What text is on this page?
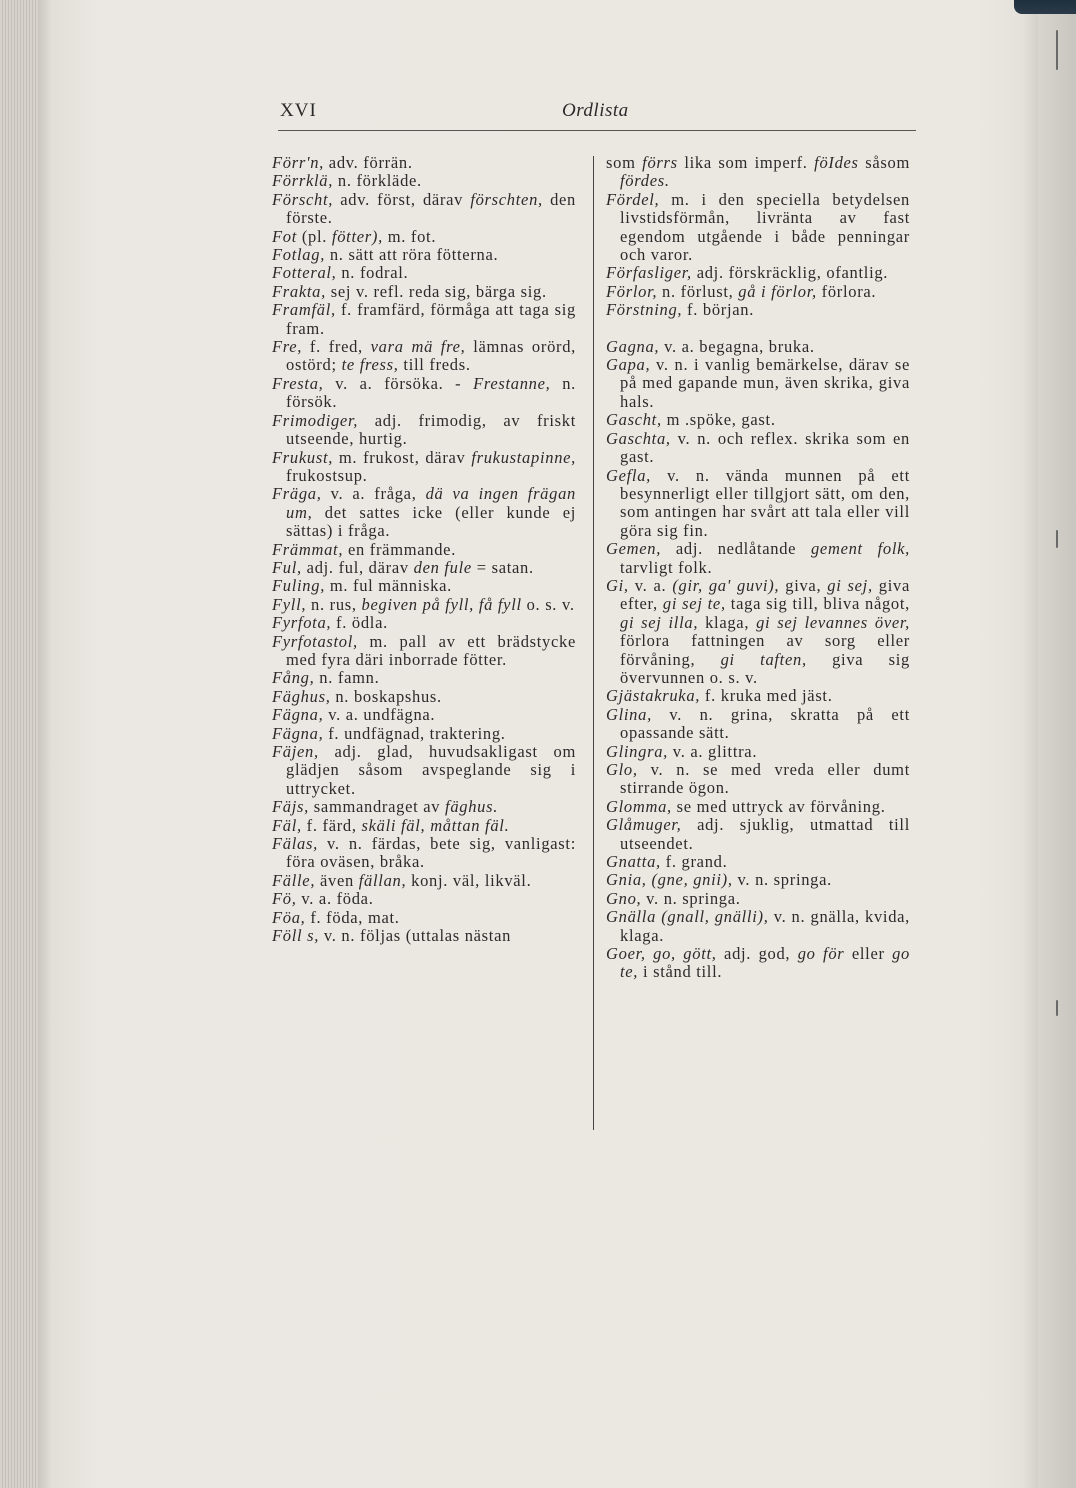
XVI	Ordlista

Förr'n, adv. förrän.

Förrklä, n. förkläde.

Förscht, adv. först, därav förschten, den förste.

Fot (pl. fötter), m. fot.

Fotlag, n. sätt att röra fötterna.

Fotteral, n. fodral.

Frakta, sej v. refl. reda sig, bärga sig.

Framfäl, f. framfärd, förmåga att taga sig fram.

Fre, f. fred, vara mä fre, lämnas orörd, ostörd; te fress, till freds.

Fresta, v. a. försöka. - Frestanne, n. försök.

Frimodiger, adj. frimodig, av friskt utseende, hurtig.

Frukust, m. frukost, därav frukustapinne, frukostsup.

Fräga, v. a. fråga, dä va ingen frägan um, det sattes icke (eller kunde ej sättas) i fråga.

Främmat, en främmande.

Ful, adj. ful, därav den fule = satan.

Fuling, m. ful människa.

Fyll, n. rus, begiven på fyll, få fyll o. s. v.

Fyrfota, f. ödla.

Fyrfotastol, m. pall av ett brädstycke med fyra däri inborrade fötter.

Fång, n. famn.

Fäghus, n. boskapshus.

Fägna, v. a. undfägna.

Fägna, f. undfägnad, traktering.

Fäjen, adj. glad, huvudsakligast om glädjen såsom avspeglande sig i uttrycket.

Fäjs, sammandraget av fäghus.

Fäl, f. färd, skäli fäl, måttan fäl.

Fälas, v. n. färdas, bete sig, vanligast: föra oväsen, bråka.

Fälle, även fällan, konj. väl, likväl.

Fö, v. a. föda.

Föa, f. föda, mat.

Föll s, v. n. följas (uttalas nästan

som förrs lika som imperf. föIdes såsom fördes.

Fördel, m. i den speciella betydelsen livstidsförmån, livränta av fast egendom utgående i både penningar och varor.

Förfasliger, adj. förskräcklig, ofantlig.

Förlor, n. förlust, gå i förlor, förlora.

Förstning, f. början.

Gagna, v. a. begagna, bruka.

Gapa, v. n. i vanlig bemärkelse, därav se på med gapande mun, även skrika, giva hals.

Gascht, m .spöke, gast.

Gaschta, v. n. och reflex. skrika som en gast.

Gefla, v. n. vända munnen på ett besynnerligt eller tillgjort sätt, om den, som antingen har svårt att tala eller vill göra sig fin.

Gemen, adj. nedlåtande gement folk, tarvligt folk.

Gi, v. a. (gir, ga' guvi), giva, gi sej, giva efter, gi sej te, taga sig till, bliva något, gi sej illa, klaga, gi sej levannes över, förlora fattningen av sorg eller förvåning, gi taften, giva sig övervunnen o. s. v.

Gjästakruka, f. kruka med jäst.

Glina, v. n. grina, skratta på ett opassande sätt.

Glingra, v. a. glittra.

Glo, v. n. se med vreda eller dumt stirrande ögon.

Glomma, se med uttryck av förvåning.

Glåmuger, adj. sjuklig, utmattad till utseendet.

Gnatta, f. grand.

Gnia, (gne, gnii), v. n. springa.

Gno, v. n. springa.

Gnälla (gnall, gnälli), v. n. gnälla, kvida, klaga.

Goer, go, gött, adj. god, go för eller go te, i stånd till.
